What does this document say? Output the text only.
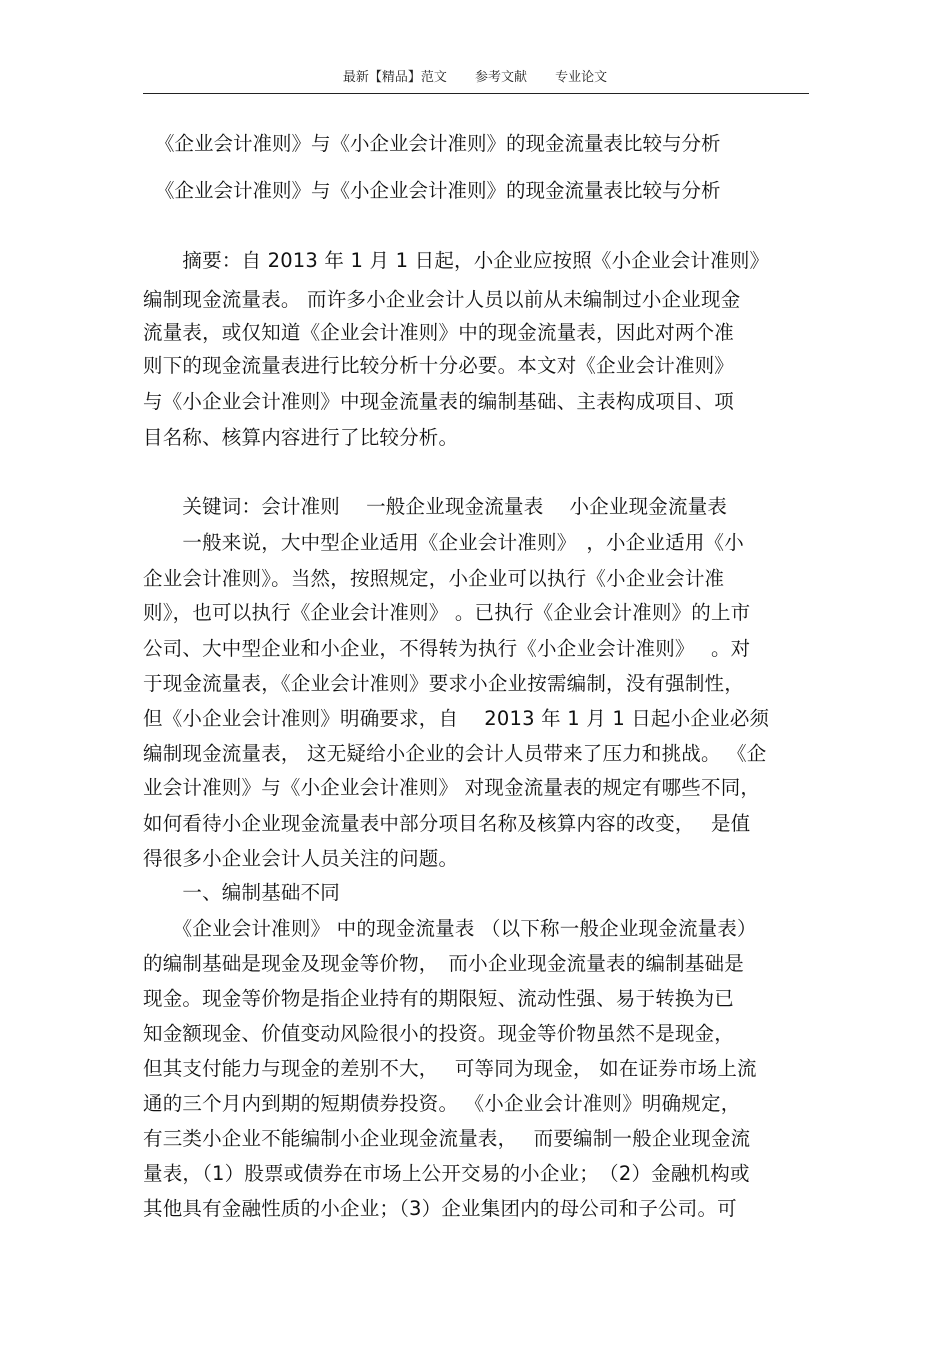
最新【精品】范文 参考文献 专业论文
《企业会计准则》与《小企业会计准则》的现金流量表比较与分析
《企业会计准则》与《小企业会计准则》的现金流量表比较与分析
　　摘要：自 2013 年 1 月 1 日起，小企业应按照《小企业会计准则》
编制现金流量表。 而许多小企业会计人员以前从未编制过小企业现金
流量表，或仅知道《企业会计准则》中的现金流量表，因此对两个准
则下的现金流量表进行比较分析十分必要。本文对《企业会计准则》
与《小企业会计准则》中现金流量表的编制基础、主表构成项目、项
目名称、核算内容进行了比较分析。
　　关键词：会计准则　 一般企业现金流量表　 小企业现金流量表
　　一般来说，大中型企业适用《企业会计准则》　，小企业适用《小
企业会计准则》。当然，按照规定，小企业可以执行《小企业会计准
则》，也可以执行《企业会计准则》 。已执行《企业会计准则》的上市
公司、大中型企业和小企业，不得转为执行《小企业会计准则》　 。对
于现金流量表，《企业会计准则》要求小企业按需编制，没有强制性，
但《小企业会计准则》明确要求，自　 2013 年 1 月 1 日起小企业必须
编制现金流量表， 这无疑给小企业的会计人员带来了压力和挑战。 《企
业会计准则》与《小企业会计准则》 对现金流量表的规定有哪些不同，
如何看待小企业现金流量表中部分项目名称及核算内容的改变，　 是值
得很多小企业会计人员关注的问题。
　　一、编制基础不同
　　《企业会计准则》 中的现金流量表 （以下称一般企业现金流量表）
的编制基础是现金及现金等价物，　而小企业现金流量表的编制基础是
现金。现金等价物是指企业持有的期限短、流动性强、易于转换为已
知金额现金、价值变动风险很小的投资。现金等价物虽然不是现金，
但其支付能力与现金的差别不大，　 可等同为现金， 如在证券市场上流
通的三个月内到期的短期债券投资。 《小企业会计准则》明确规定，
有三类小企业不能编制小企业现金流量表，　 而要编制一般企业现金流
量表，（1）股票或债券在市场上公开交易的小企业；　（2）金融机构或
其他具有金融性质的小企业；（3）企业集团内的母公司和子公司。可
